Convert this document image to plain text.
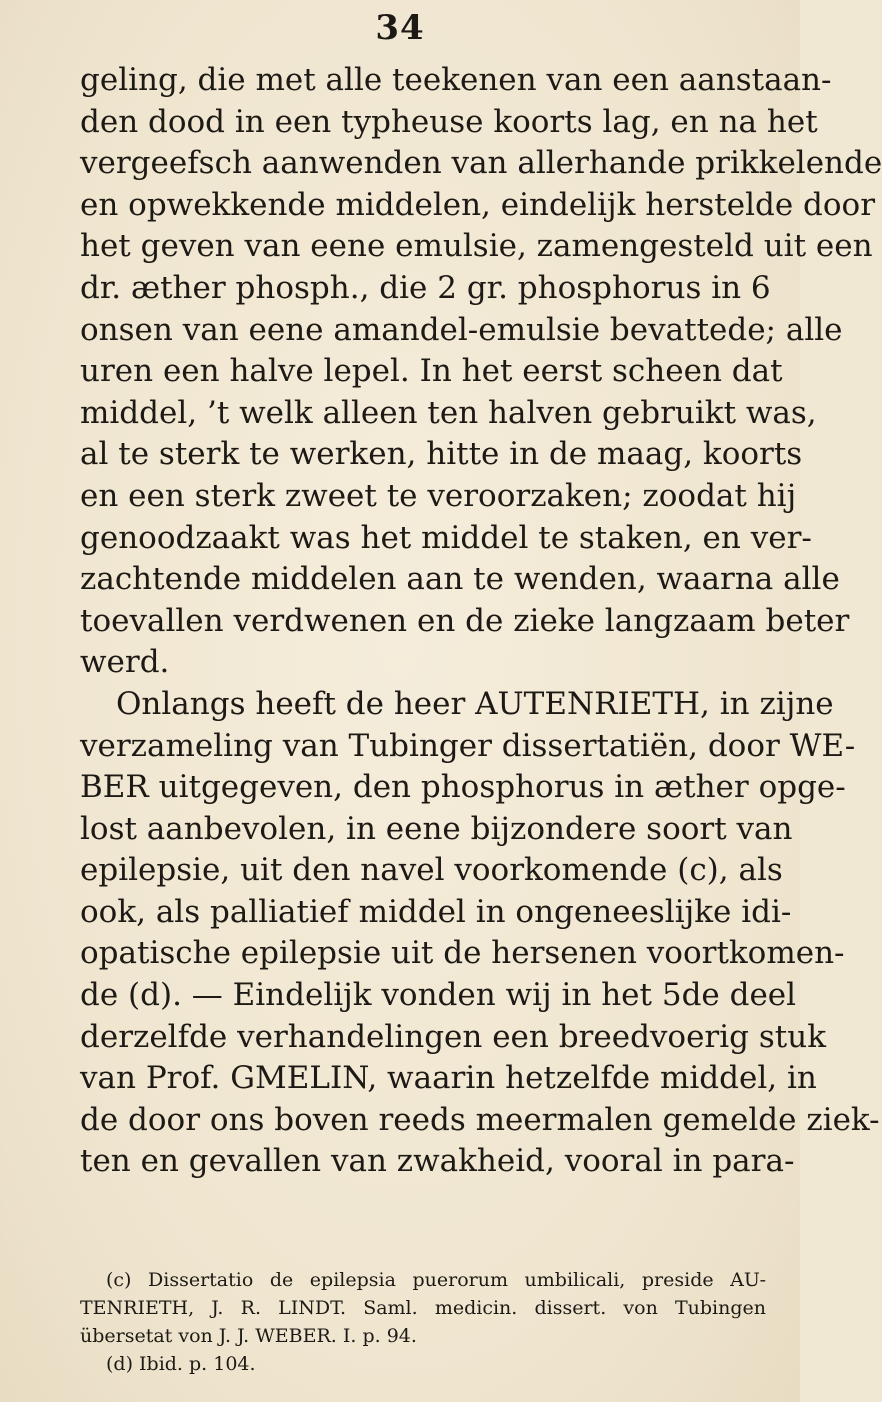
34
geling, die met alle teekenen van een aanstaan-
den dood in een typheuse koorts lag, en na het
vergeefsch aanwenden van allerhande prikkelende
en opwekkende middelen, eindelijk herstelde door
het geven van eene emulsie, zamengesteld uit een
dr. æther phosph., die 2 gr. phosphorus in 6
onsen van eene amandel-emulsie bevattede; alle
uren een halve lepel. In het eerst scheen dat
middel, ’t welk alleen ten halven gebruikt was,
al te sterk te werken, hitte in de maag, koorts
en een sterk zweet te veroorzaken; zoodat hij
genoodzaakt was het middel te staken, en ver-
zachtende middelen aan te wenden, waarna alle
toevallen verdwenen en de zieke langzaam beter
werd.
Onlangs heeft de heer AUTENRIETH, in zijne
verzameling van Tubinger dissertatiën, door WE-
BER uitgegeven, den phosphorus in æther opge-
lost aanbevolen, in eene bijzondere soort van
epilepsie, uit den navel voorkomende (c), als
ook, als palliatief middel in ongeneeslijke idi-
opatische epilepsie uit de hersenen voortkomen-
de (d). — Eindelijk vonden wij in het 5de deel
derzelfde verhandelingen een breedvoerig stuk
van Prof. GMELIN, waarin hetzelfde middel, in
de door ons boven reeds meermalen gemelde ziek-
ten en gevallen van zwakheid, vooral in para-
(c) Dissertatio de epilepsia puerorum umbilicali, preside AU-
TENRIETH, J. R. LINDT. Saml. medicin. dissert. von Tubingen
übersetat von J. J. WEBER. I. p. 94.
(d) Ibid. p. 104.
